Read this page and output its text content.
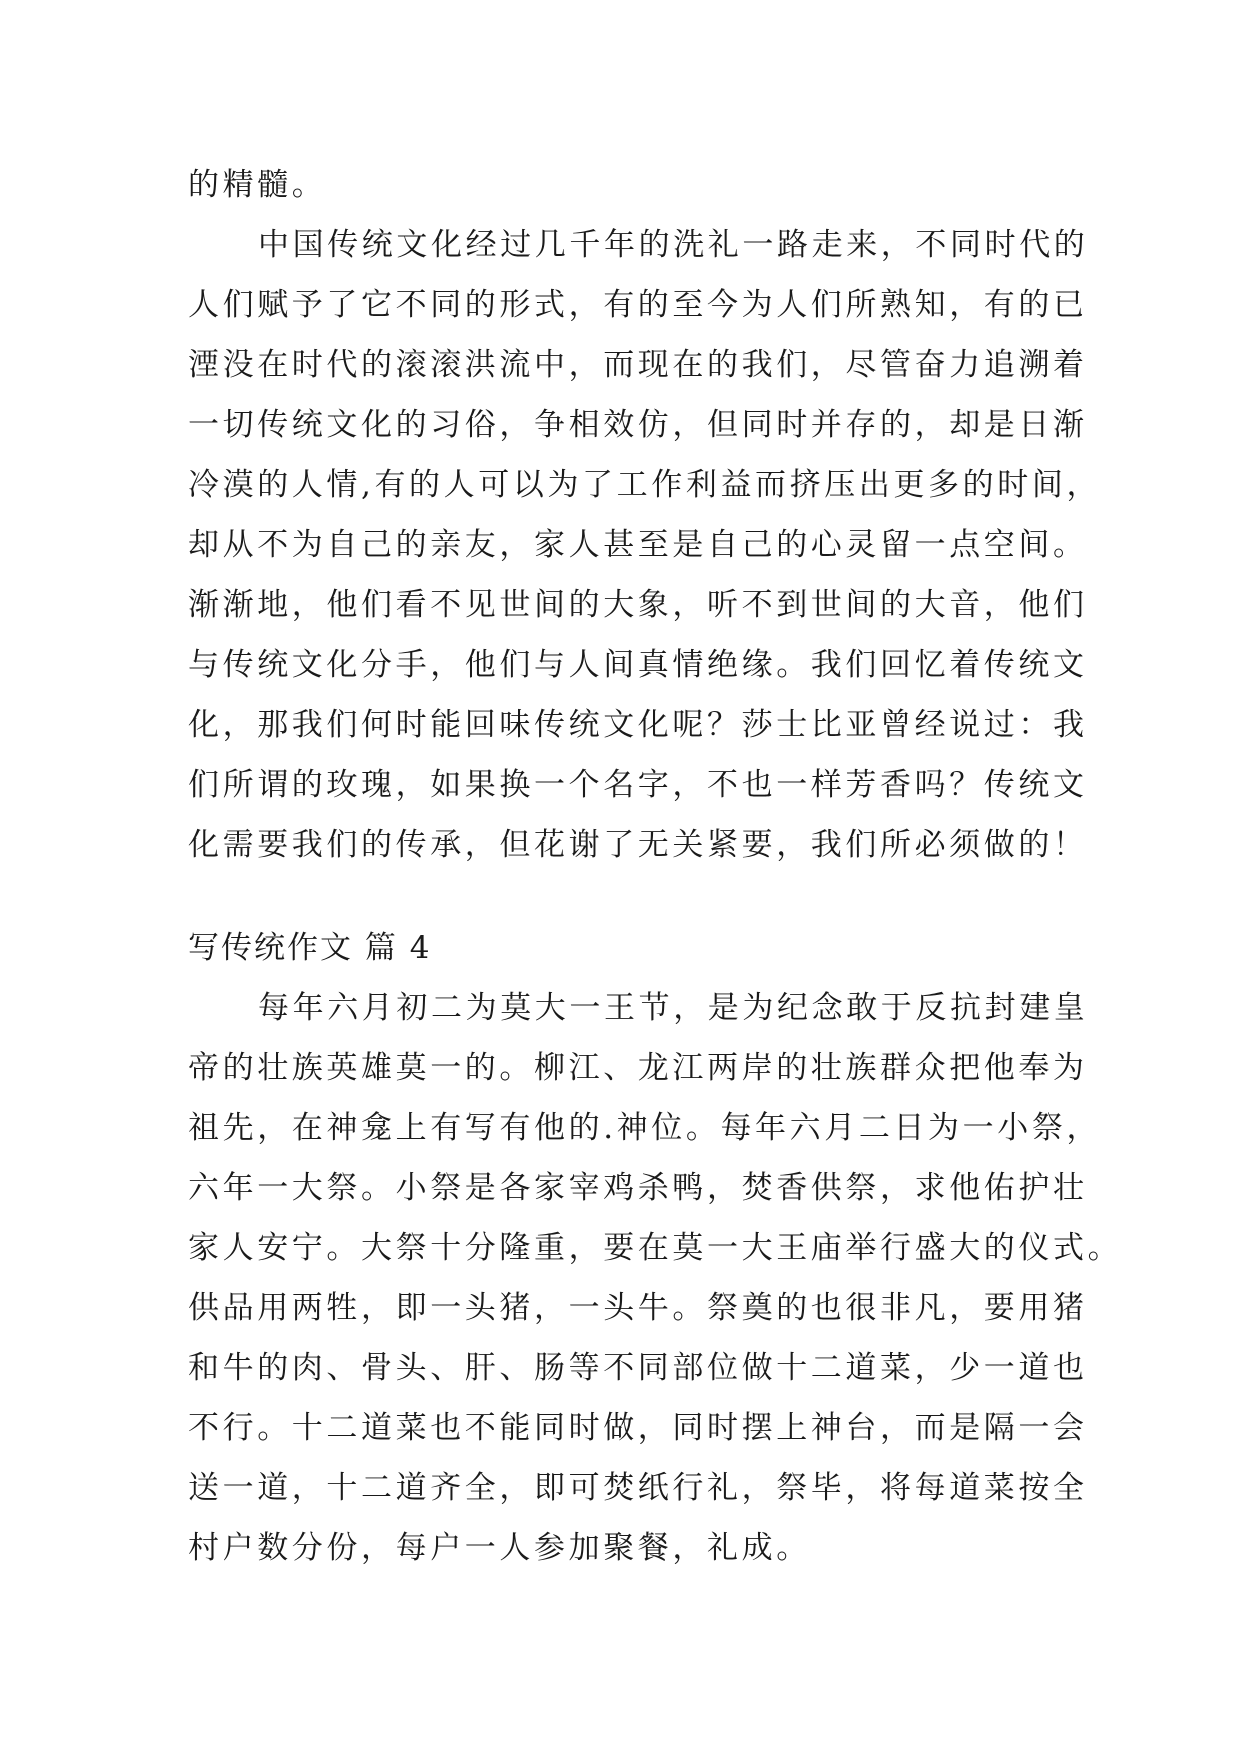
的精髓。
中国传统文化经过几千年的洗礼一路走来，不同时代的
人们赋予了它不同的形式，有的至今为人们所熟知，有的已
湮没在时代的滚滚洪流中，而现在的我们，尽管奋力追溯着
一切传统文化的习俗，争相效仿，但同时并存的，却是日渐
冷漠的人情,有的人可以为了工作利益而挤压出更多的时间，
却从不为自己的亲友，家人甚至是自己的心灵留一点空间。
渐渐地，他们看不见世间的大象，听不到世间的大音，他们
与传统文化分手，他们与人间真情绝缘。我们回忆着传统文
化，那我们何时能回味传统文化呢？莎士比亚曾经说过：我
们所谓的玫瑰，如果换一个名字，不也一样芳香吗？传统文
化需要我们的传承，但花谢了无关紧要，我们所必须做的！
写传统作文 篇 4
每年六月初二为莫大一王节，是为纪念敢于反抗封建皇
帝的壮族英雄莫一的。柳江、龙江两岸的壮族群众把他奉为
祖先，在神龛上有写有他的.神位。每年六月二日为一小祭，
六年一大祭。小祭是各家宰鸡杀鸭，焚香供祭，求他佑护壮
家人安宁。大祭十分隆重，要在莫一大王庙举行盛大的仪式。
供品用两牲，即一头猪，一头牛。祭奠的也很非凡，要用猪
和牛的肉、骨头、肝、肠等不同部位做十二道菜，少一道也
不行。十二道菜也不能同时做，同时摆上神台，而是隔一会
送一道，十二道齐全，即可焚纸行礼，祭毕，将每道菜按全
村户数分份，每户一人参加聚餐，礼成。
